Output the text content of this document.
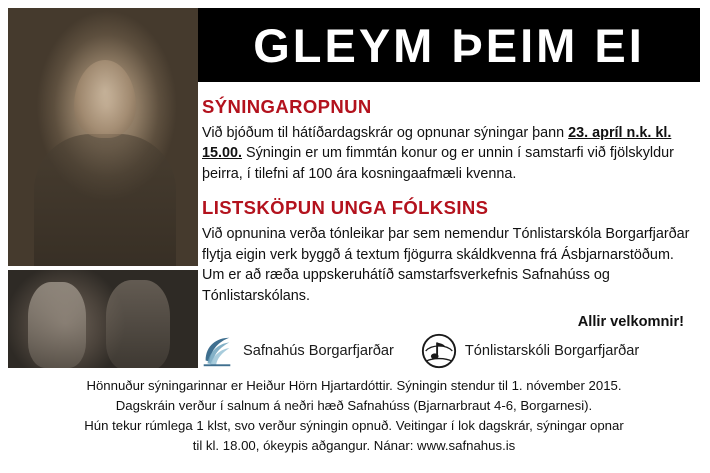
GLEYM ÞEIM EI
SÝNINGAROPNUN

Við bjóðum til hátíðardagskrár og opnunar sýningar þann 23. apríl n.k. kl. 15.00. Sýningin er um fimmtán konur og er unnin í samstarfi við fjölskyldur þeirra, í tilefni af 100 ára kosningaafmæli kvenna.

LISTSKÖPUN UNGA FÓLKSINS

Við opnunina verða tónleikar þar sem nemendur Tónlistarskóla Borgarfjarðar flytja eigin verk byggð á textum fjögurra skáldkvenna frá Ásbjarnarstöðum. Um er að ræða uppskeruhátíð samstarfsverkefnis Safnahúss og Tónlistarskólans.

Allir velkomnir!
Safnahús Borgarfjarðar	Tónlistarskóli Borgarfjarðar
Hönnuður sýningarinnar er Heiður Hörn Hjartardóttir. Sýningin stendur til 1. nóvember 2015.
Dagskráin verður í salnum á neðri hæð Safnahúss (Bjarnarbraut 4-6, Borgarnesi).
Hún tekur rúmlega 1 klst, svo verður sýningin opnuð. Veitingar í lok dagskrár, sýningar opnar
til kl. 18.00, ókeypis aðgangur. Nánar: www.safnahus.is
